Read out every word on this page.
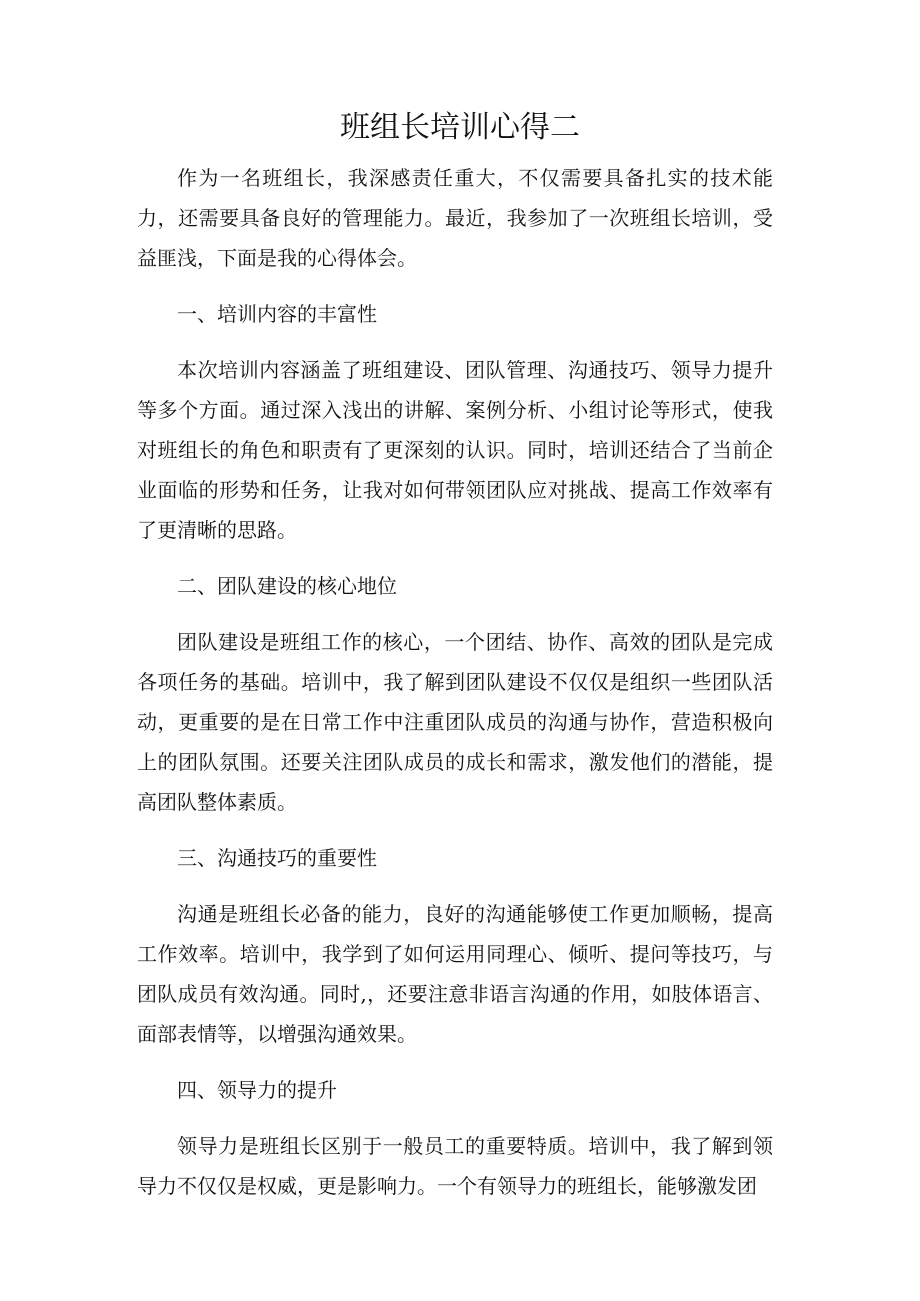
班组长培训心得二

作为一名班组长，我深感责任重大，不仅需要具备扎实的技术能力，还需要具备良好的管理能力。最近，我参加了一次班组长培训，受益匪浅，下面是我的心得体会。

一、培训内容的丰富性

本次培训内容涵盖了班组建设、团队管理、沟通技巧、领导力提升等多个方面。通过深入浅出的讲解、案例分析、小组讨论等形式，使我对班组长的角色和职责有了更深刻的认识。同时，培训还结合了当前企业面临的形势和任务，让我对如何带领团队应对挑战、提高工作效率有了更清晰的思路。

二、团队建设的核心地位

团队建设是班组工作的核心，一个团结、协作、高效的团队是完成各项任务的基础。培训中，我了解到团队建设不仅仅是组织一些团队活动，更重要的是在日常工作中注重团队成员的沟通与协作，营造积极向上的团队氛围。还要关注团队成员的成长和需求，激发他们的潜能，提高团队整体素质。

三、沟通技巧的重要性

沟通是班组长必备的能力，良好的沟通能够使工作更加顺畅，提高工作效率。培训中，我学到了如何运用同理心、倾听、提问等技巧，与团队成员有效沟通。同时,，还要注意非语言沟通的作用，如肢体语言、面部表情等，以增强沟通效果。

四、领导力的提升

领导力是班组长区别于一般员工的重要特质。培训中，我了解到领导力不仅仅是权威，更是影响力。一个有领导力的班组长，能够激发团
